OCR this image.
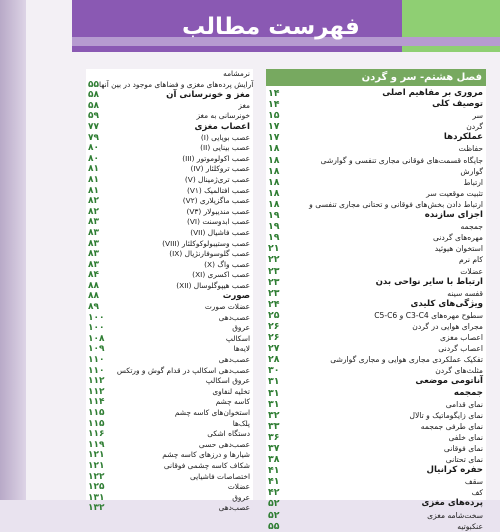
فهرست مطالب
نرمشامه
۵۵ آرایش پرده‌های مغزی و فضاهای موجود در بین آنها
۵۸	مغز و خونرسانی آن
۵۸	مغز
۵۹	خونرسانی به مغز
۷۷	اعصاب مغزی
۷۹	عصب بویایی (I)
۸۰	عصب بینایی (II)
۸۰	عصب اکولوموتور (III)
۸۱	عصب تروکلئار (IV)
۸۱	عصب تری‌ژمینال (V)
۸۱	عصب افتالمیک (V۱)
۸۲	عصب ماگزیلاری (V۲)
۸۲	عصب مندیبولار (V۳)
۸۳	عصب ابدوسنت (VI)
۸۳	عصب فاشیال (VII)
۸۳	عصب وستیبولوکوکلئار (VIII)
۸۳	عصب گلوسوفارنژیال (IX)
۸۳	عصب واگ (X)
۸۴	عصب اکسری (XI)
۸۸	عصب هیپوگلوسال (XII)
۸۸	صورت
۸۹	عضلات صورت
۱۰۰	عصب‌دهی
۱۰۰	عروق
۱۰۸	اسکالپ
۱۰۹	لایه‌ها
۱۱۰	عصب‌دهی
۱۱۰ عصب‌دهی اسکالپ در قدام گوش و ورتکس
۱۱۲	عروق اسکالپ
۱۱۲	تخلیه لنفاوی
۱۱۴	کاسه چشم
۱۱۵	استخوان‌های کاسه چشم
۱۱۵	پلک‌ها
۱۱۶	دستگاه اشکی
۱۱۹	عصب‌دهی حسی
۱۲۱	شیارها و درزهای کاسه چشم
۱۲۱	شکاف کاسه چشمی فوقانی
۱۲۲	اختصاصات فاشیایی
۱۲۵	عضلات
۱۳۱	عروق
۱۳۲	عصب‌دهی
فصل هشتم- سر و گردن
۱۴	مروری بر مفاهیم اصلی
۱۴	توصیف کلی
۱۵	سر
۱۷	گردن
۱۷	عملکردها
۱۸	حفاظت
۱۸	جایگاه قسمت‌های فوقانی مجاری تنفسی و گوارشی
۱۸	گوارش
۱۸	ارتباط
۱۸	تثبیت موقعیت سر
۱۸	ارتباط دادن بخش‌های فوقانی و تحتانی مجاری تنفسی و
۱۹	اجزای سازنده
۱۹	جمجمه
۱۹	مهره‌های گردنی
۲۱	استخوان هیوئید
۲۲	کام نرم
۲۳	عضلات
۲۳	ارتباط با سایر نواحی بدن
۲۳	قفسه سینه
۲۴	ویژگی‌های کلیدی
۲۵	سطوح مهره‌های C3-C4 و C5-C6
۲۶	مجرای هوایی در گردن
۲۶	اعصاب مغزی
۲۷	اعصاب گردنی
۲۸	تفکیک عملکردی مجاری هوایی و مجاری گوارشی
۳۰	مثلث‌های گردن
۳۱	آناتومی موضعی
۳۱	جمجمه
۳۱	نمای قدامی
۳۲	نمای زایگوماتیک و تالال
۳۳	نمای طرفی جمجمه
۳۶	نمای خلفی
۳۷	نمای فوقانی
۳۸	نمای تحتانی
۴۱	حفره کرانیال
۴۱	سقف
۴۲	کف
۵۲	پرده‌های مغزی
۵۲	سخت‌شامه مغزی
۵۵	عنکبوتیه
